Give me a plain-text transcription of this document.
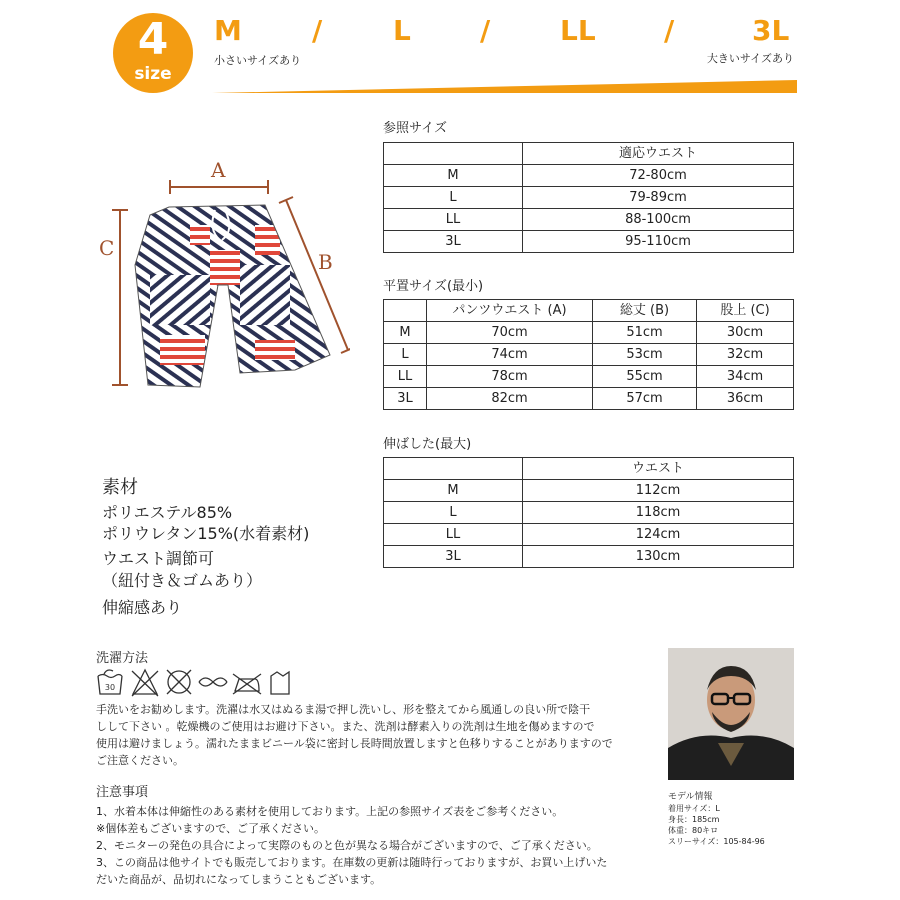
4
size
M	/	L / LL /	3L
小さいサイズあり	大きいサイズあり
A
C
B
参照サイズ
	適応ウエスト
M	72-80cm
L	79-89cm
LL	88-100cm
3L	95-110cm
平置サイズ(最小)
	パンツウエスト (A)	総丈 (B)	股上 (C)
M	70cm	51cm	30cm
L	74cm	53cm	32cm
LL	78cm	55cm	34cm
3L	82cm	57cm	36cm
伸ばした(最大)
	ウエスト
M	112cm
L	118cm
LL	124cm
3L	130cm
素材
ポリエステル85%
ポリウレタン15%(水着素材)
ウエスト調節可
（紐付き＆ゴムあり）
伸縮感あり
洗濯方法
30
手洗いをお勧めします。洗濯は水又はぬるま湯で押し洗いし、形を整えてから風通しの良い所で陰干
しして下さい 。乾燥機のご使用はお避け下さい。また、洗剤は酵素入りの洗剤は生地を傷めますので
使用は避けましょう。濡れたままビニール袋に密封し長時間放置しますと色移りすることがありますので
ご注意ください。
注意事項
1、水着本体は伸縮性のある素材を使用しております。上記の参照サイズ表をご参考ください。
※個体差もございますので、ご了承ください。
2、モニターの発色の具合によって実際のものと色が異なる場合がございますので、ご了承ください。
3、この商品は他サイトでも販売しております。在庫数の更新は随時行っておりますが、お買い上げいた
だいた商品が、品切れになってしまうこともございます。
モデル情報
着用サイズ：L
身長：185cm
体重：80キロ
スリーサイズ：105-84-96
